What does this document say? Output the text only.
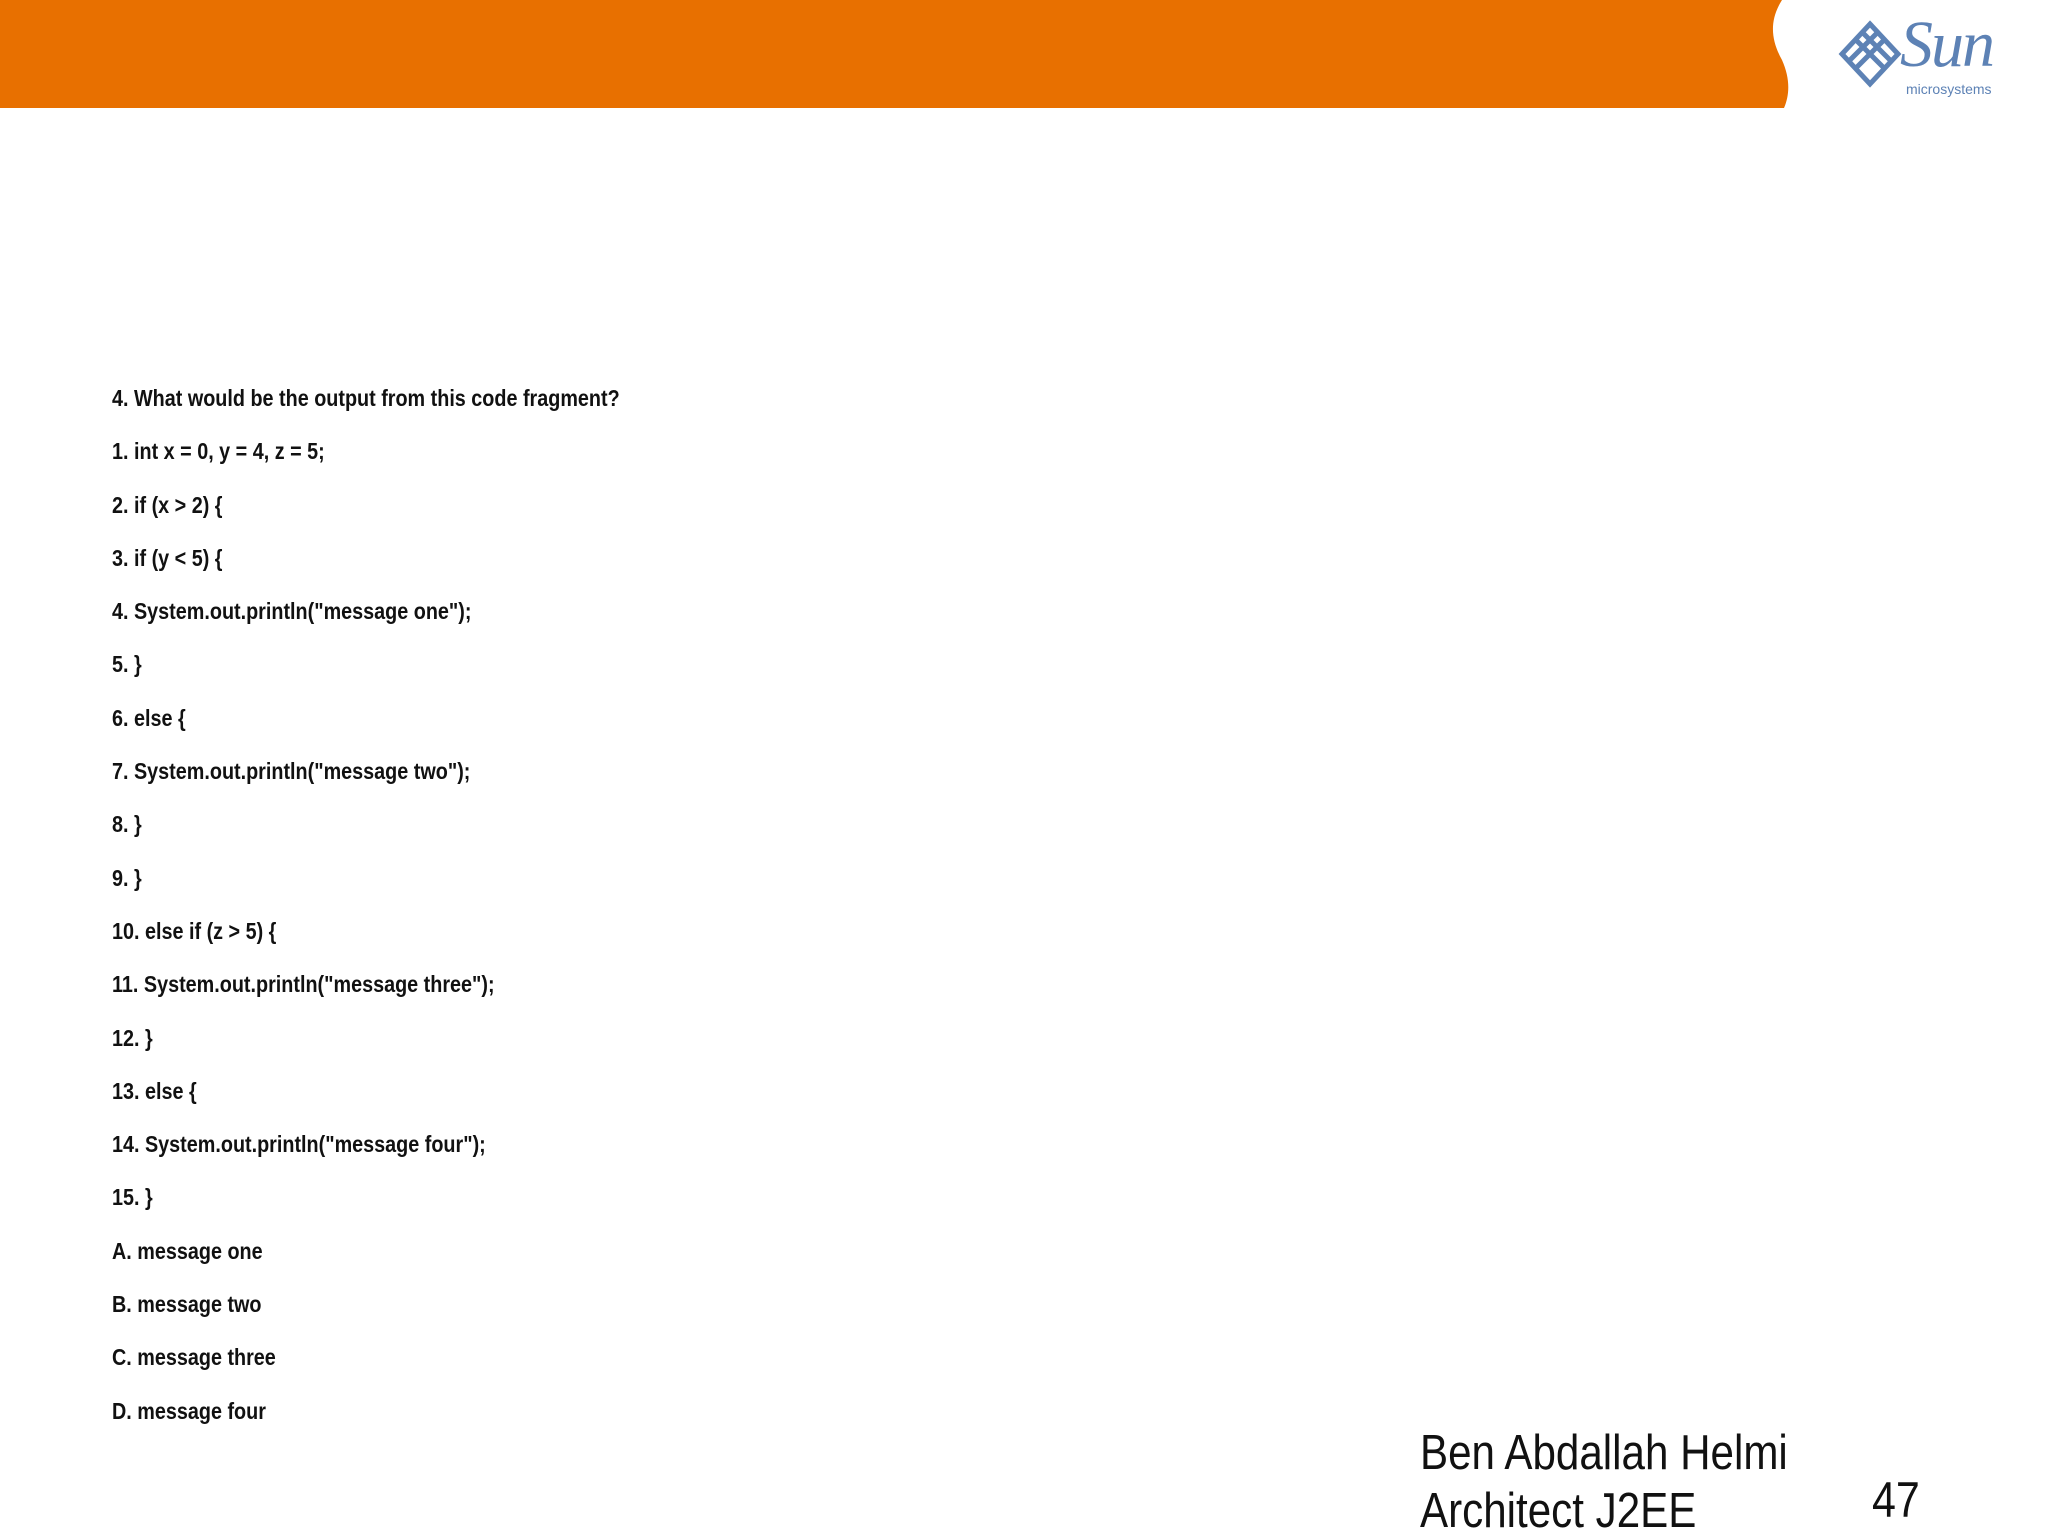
Sun
microsystems
4. What would be the output from this code fragment?
1. int x = 0, y = 4, z = 5;
2. if (x > 2) {
3. if (y < 5) {
4. System.out.println("message one");
5. }
6. else {
7. System.out.println("message two");
8. }
9. }
10. else if (z > 5) {
11. System.out.println("message three");
12. }
13. else {
14. System.out.println("message four");
15. }
A. message one
B. message two
C. message three
D. message four
Ben Abdallah Helmi Architect J2EE	47
